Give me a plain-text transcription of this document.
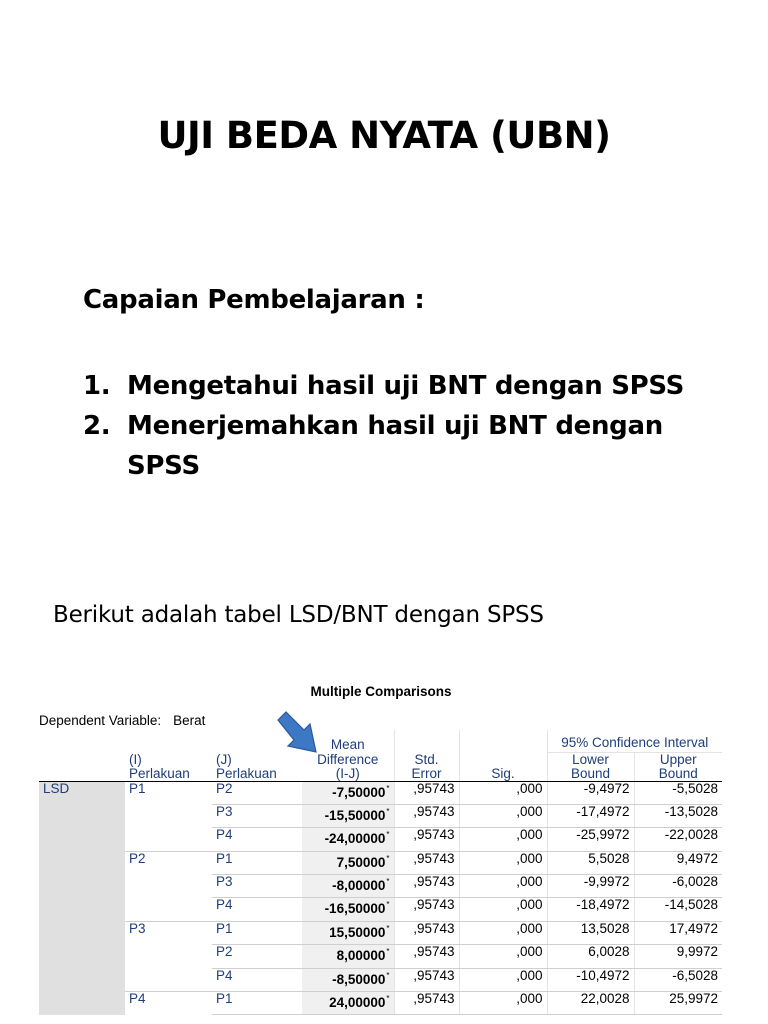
UJI BEDA NYATA (UBN)

Capaian Pembelajaran :

1. Mengetahui hasil uji BNT dengan SPSS
2. Menerjemahkan hasil uji BNT dengan SPSS

Berikut adalah tabel LSD/BNT dengan SPSS

Multiple Comparisons

Dependent Variable: Berat

			Mean			95% Confidence Interval	
	(I)	(J)	Difference	Std.		Lower	Upper
	Perlakuan	Perlakuan	(I-J)	Error	Sig.	Bound	Bound
LSD	P1	P2	-7,50000*	,95743	,000	-9,4972	-5,5028
		P3	-15,50000*	,95743	,000	-17,4972	-13,5028
		P4	-24,00000*	,95743	,000	-25,9972	-22,0028
	P2	P1	7,50000*	,95743	,000	5,5028	9,4972
		P3	-8,00000*	,95743	,000	-9,9972	-6,0028
		P4	-16,50000*	,95743	,000	-18,4972	-14,5028
	P3	P1	15,50000*	,95743	,000	13,5028	17,4972
		P2	8,00000*	,95743	,000	6,0028	9,9972
		P4	-8,50000*	,95743	,000	-10,4972	-6,5028
	P4	P1	24,00000*	,95743	,000	22,0028	25,9972
